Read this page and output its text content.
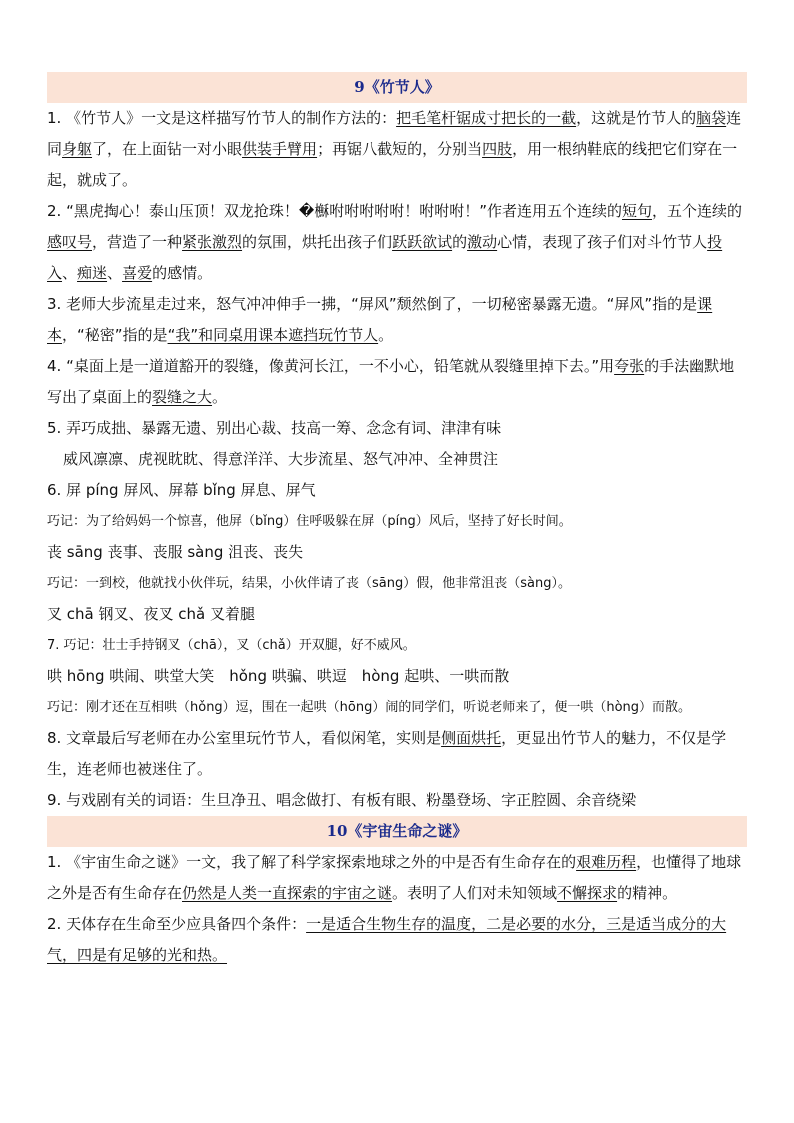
9《竹节人》

1. 《竹节人》一文是这样描写竹节人的制作方法的：把毛笔杆锯成寸把长的一截，这就是竹节人的脑袋连同身躯了，在上面钻一对小眼供装手臂用；再锯八截短的，分别当四肢，用一根纳鞋底的线把它们穿在一起，就成了。

2. “黑虎掏心！泰山压顶！双龙抢珠！�櫯咐咐咐咐咐！咐咐咐！”作者连用五个连续的短句，五个连续的感叹号，营造了一种紧张激烈的氛围，烘托出孩子们跃跃欲试的激动心情，表现了孩子们对斗竹节人投入、痴迷、喜爱的感情。

3. 老师大步流星走过来，怒气冲冲伸手一拂，“屏风”颓然倒了，一切秘密暴露无遗。“屏风”指的是课本，“秘密”指的是“我”和同桌用课本遮挡玩竹节人。

4. “桌面上是一道道豁开的裂缝，像黄河长江，一不小心，铅笔就从裂缝里掉下去。”用夸张的手法幽默地写出了桌面上的裂缝之大。

5. 弄巧成拙、暴露无遗、别出心裁、技高一筹、念念有词、津津有味

威风凛凛、虎视眈眈、得意洋洋、大步流星、怒气冲冲、全神贯注

6. 屏 píng 屏风、屏幕 bǐng 屏息、屏气

巧记：为了给妈妈一个惊喜，他屏（bǐng）住呼吸躲在屏（píng）风后，坚持了好长时间。

丧 sāng 丧事、丧服 sàng 沮丧、丧失

巧记：一到校，他就找小伙伴玩，结果，小伙伴请了丧（sāng）假，他非常沮丧（sàng）。

叉 chā 钢叉、夜叉 chǎ 叉着腿

7. 巧记：壮士手持钢叉（chā），叉（chǎ）开双腿，好不威风。

哄 hōng 哄闹、哄堂大笑　hǒng 哄骗、哄逗　hòng 起哄、一哄而散

巧记：刚才还在互相哄（hǒng）逗，围在一起哄（hōng）闹的同学们，听说老师来了，便一哄（hòng）而散。

8. 文章最后写老师在办公室里玩竹节人，看似闲笔，实则是侧面烘托，更显出竹节人的魅力，不仅是学生，连老师也被迷住了。

9. 与戏剧有关的词语：生旦净丑、唱念做打、有板有眼、粉墨登场、字正腔圆、余音绕梁

10《宇宙生命之谜》

1. 《宇宙生命之谜》一文，我了解了科学家探索地球之外的中是否有生命存在的艰难历程，也懂得了地球之外是否有生命存在仍然是人类一直探索的宇宙之谜。表明了人们对未知领域不懈探求的精神。

2. 天体存在生命至少应具备四个条件：一是适合生物生存的温度，二是必要的水分，三是适当成分的大气，四是有足够的光和热。
